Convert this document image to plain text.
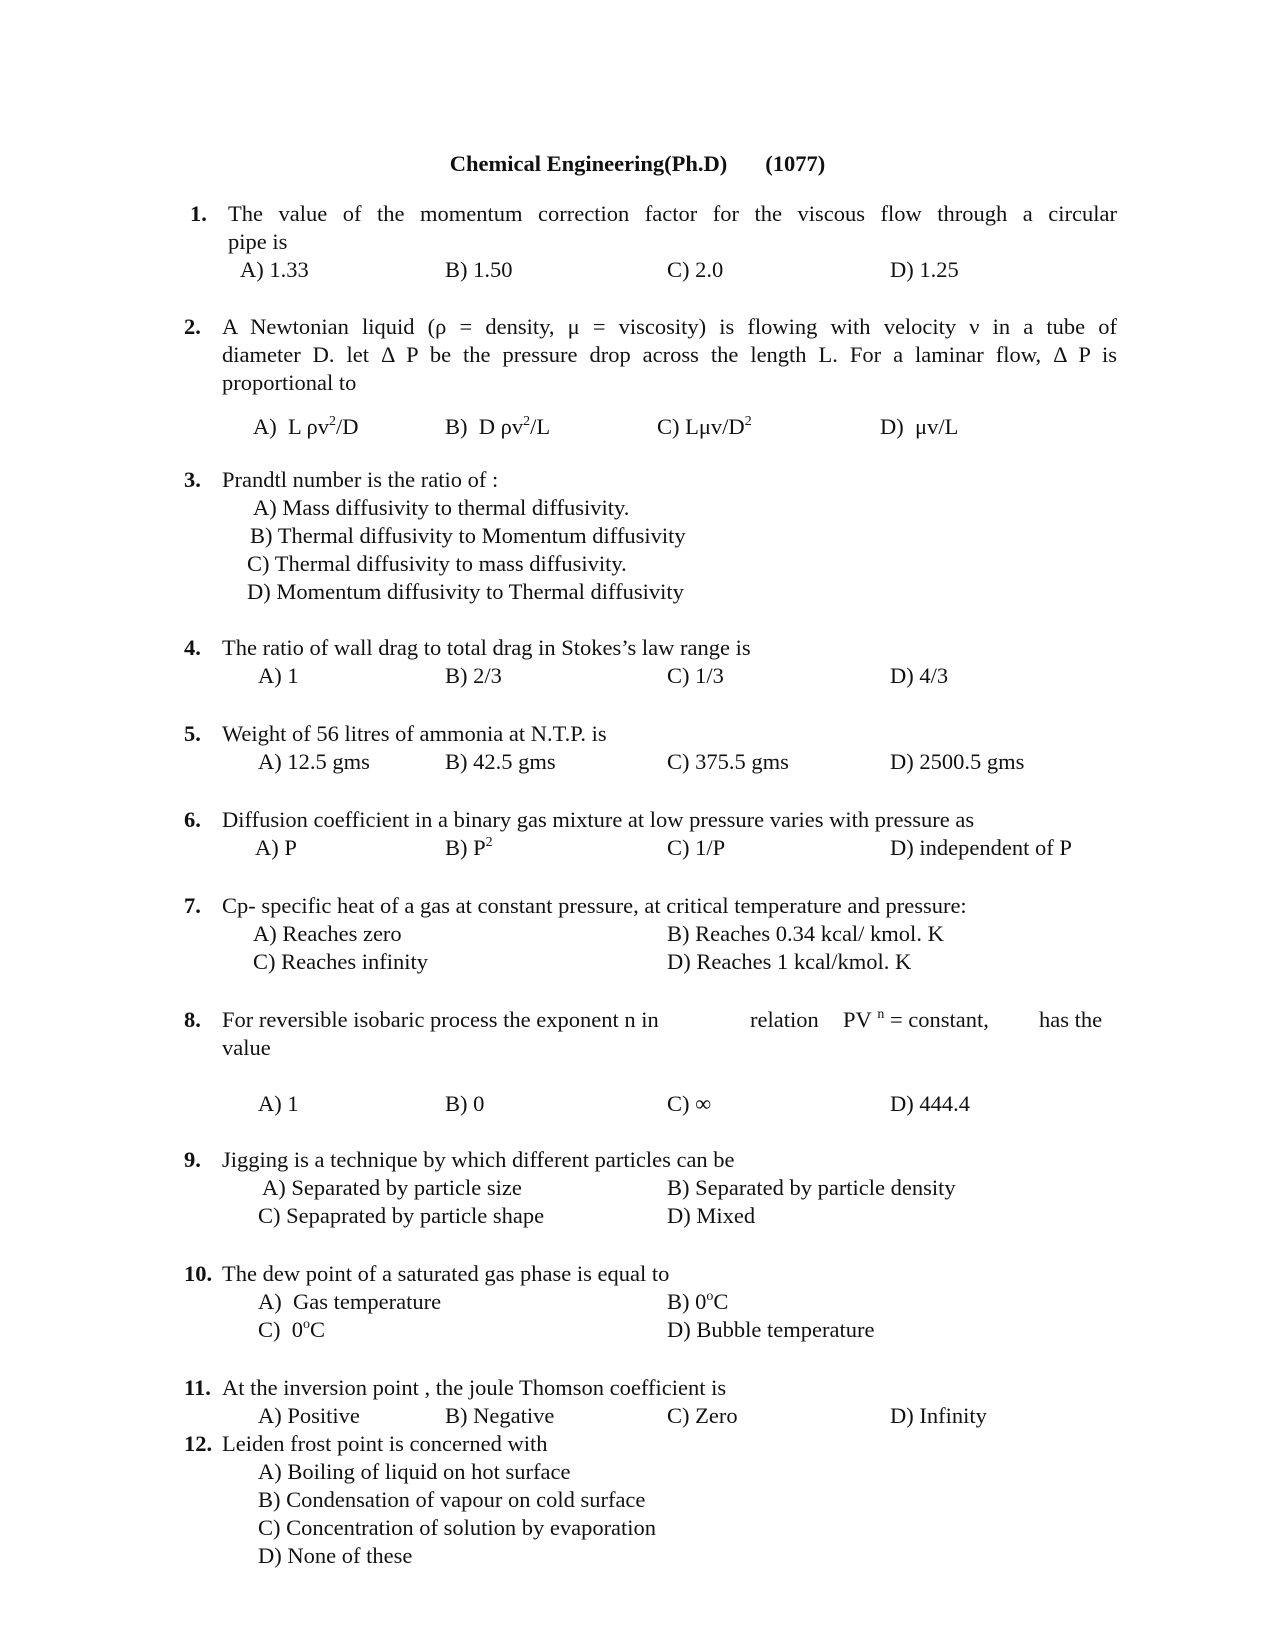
Chemical Engineering(Ph.D) (1077)
1. The value of the momentum correction factor for the viscous flow through a circular
pipe is
A) 1.33	B) 1.50	C) 2.0	D) 1.25
2. A Newtonian liquid (ρ = density, μ = viscosity) is flowing with velocity ν in a tube of
diameter D. let Δ P be the pressure drop across the length L. For a laminar flow, Δ P is
proportional to
A) L $\rho v^2/D$	B) D $\rho v^2/L$	C) Lμv/$D^2$	D) μv/L
3. Prandtl number is the ratio of :
A) Mass diffusivity to thermal diffusivity.
B) Thermal diffusivity to Momentum diffusivity
C) Thermal diffusivity to mass diffusivity.
D) Momentum diffusivity to Thermal diffusivity
4. The ratio of wall drag to total drag in Stokes’s law range is
A) 1	B) 2/3	C) 1/3	D) 4/3
5. Weight of 56 litres of ammonia at N.T.P. is
A) 12.5 gms	B) 42.5 gms	C) 375.5 gms	D) 2500.5 gms
6. Diffusion coefficient in a binary gas mixture at low pressure varies with pressure as
A) P	B) $P^2$	C) 1/P	D) independent of P
7. Cp- specific heat of a gas at constant pressure, at critical temperature and pressure:
A) Reaches zero	B) Reaches 0.34 kcal/ kmol. K
C) Reaches infinity	D) Reaches 1 kcal/kmol. K
8. For reversible isobaric process the exponent n in	relation PV $^n$ = constant, has the
value
A) 1	B) 0	C) ∞	D) 444.4
9. Jigging is a technique by which different particles can be
A) Separated by particle size	B) Separated by particle density
C) Sepaprated by particle shape	D) Mixed
10. The dew point of a saturated gas phase is equal to
A) Gas temperature	B) 0$^o$C
C) 0$^o$C	D) Bubble temperature
11. At the inversion point , the joule Thomson coefficient is
A) Positive	B) Negative	C) Zero	D) Infinity
12. Leiden frost point is concerned with
A) Boiling of liquid on hot surface
B) Condensation of vapour on cold surface
C) Concentration of solution by evaporation
D) None of these
